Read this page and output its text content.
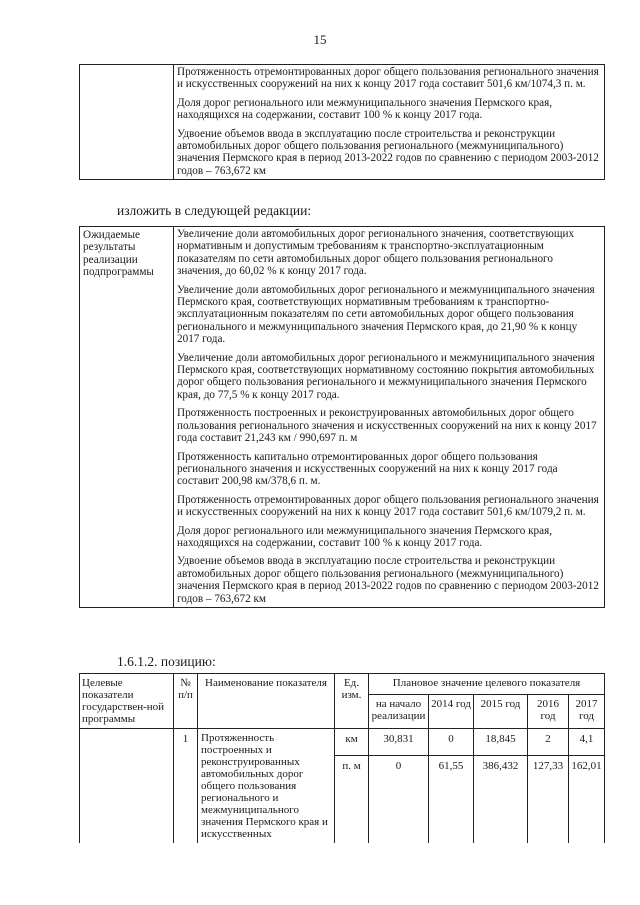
15

Протяженность отремонтированных дорог общего пользования регионального значения и искусственных сооружений на них к концу 2017 года составит 501,6 км/1074,3 п. м.
Доля дорог регионального или межмуниципального значения Пермского края, находящихся на содержании, составит 100 % к концу 2017 года.
Удвоение объемов ввода в эксплуатацию после строительства и реконструкции автомобильных дорог общего пользования регионального (межмуниципального) значения Пермского края в период 2013-2022 годов по сравнению с периодом 2003-2012 годов – 763,672 км
изложить в следующей редакции:
Ожидаемые результаты реализации подпрограммы	
Увеличение доли автомобильных дорог регионального значения, соответствующих нормативным и допустимым требованиям к транспортно-эксплуатационным показателям по сети автомобильных дорог общего пользования регионального значения, до 60,02 % к концу 2017 года.
Увеличение доли автомобильных дорог регионального и межмуниципального значения Пермского края, соответствующих нормативным требованиям к транспортно-эксплуатационным показателям по сети автомобильных дорог общего пользования регионального и межмуниципального значения Пермского края, до 21,90 % к концу 2017 года.
Увеличение доли автомобильных дорог регионального и межмуниципального значения Пермского края, соответствующих нормативному состоянию покрытия автомобильных дорог общего пользования регионального и межмуниципального значения Пермского края, до 77,5 % к концу 2017 года.
Протяженность построенных и реконструированных автомобильных дорог общего пользования регионального значения и искусственных сооружений на них к концу 2017 года составит 21,243 км / 990,697 п. м
Протяженность капитально отремонтированных дорог общего пользования регионального значения и искусственных сооружений на них к концу 2017 года составит 200,98 км/378,6 п. м.
Протяженность отремонтированных дорог общего пользования регионального значения и искусственных сооружений на них к концу 2017 года составит 501,6 км/1079,2 п. м.
Доля дорог регионального или межмуниципального значения Пермского края, находящихся на содержании, составит 100 % к концу 2017 года.
Удвоение объемов ввода в эксплуатацию после строительства и реконструкции автомобильных дорог общего пользования регионального (межмуниципального) значения Пермского края в период 2013-2022 годов по сравнению с периодом 2003-2012 годов – 763,672 км
1.6.1.2. позицию:
Целевые показатели государствен-ной программы	№ п/п	Наименование показателя	Ед. изм.	Плановое значение целевого показателя				
				на начало реализации	2014 год	2015 год	2016 год	2017 год
	1	Протяженность построенных и реконструированных автомобильных дорог общего пользования регионального и межмуниципального значения Пермского края и искусственных	км	30,831	0	18,845	2	4,1
			п. м	0	61,55	386,432	127,33	162,01
